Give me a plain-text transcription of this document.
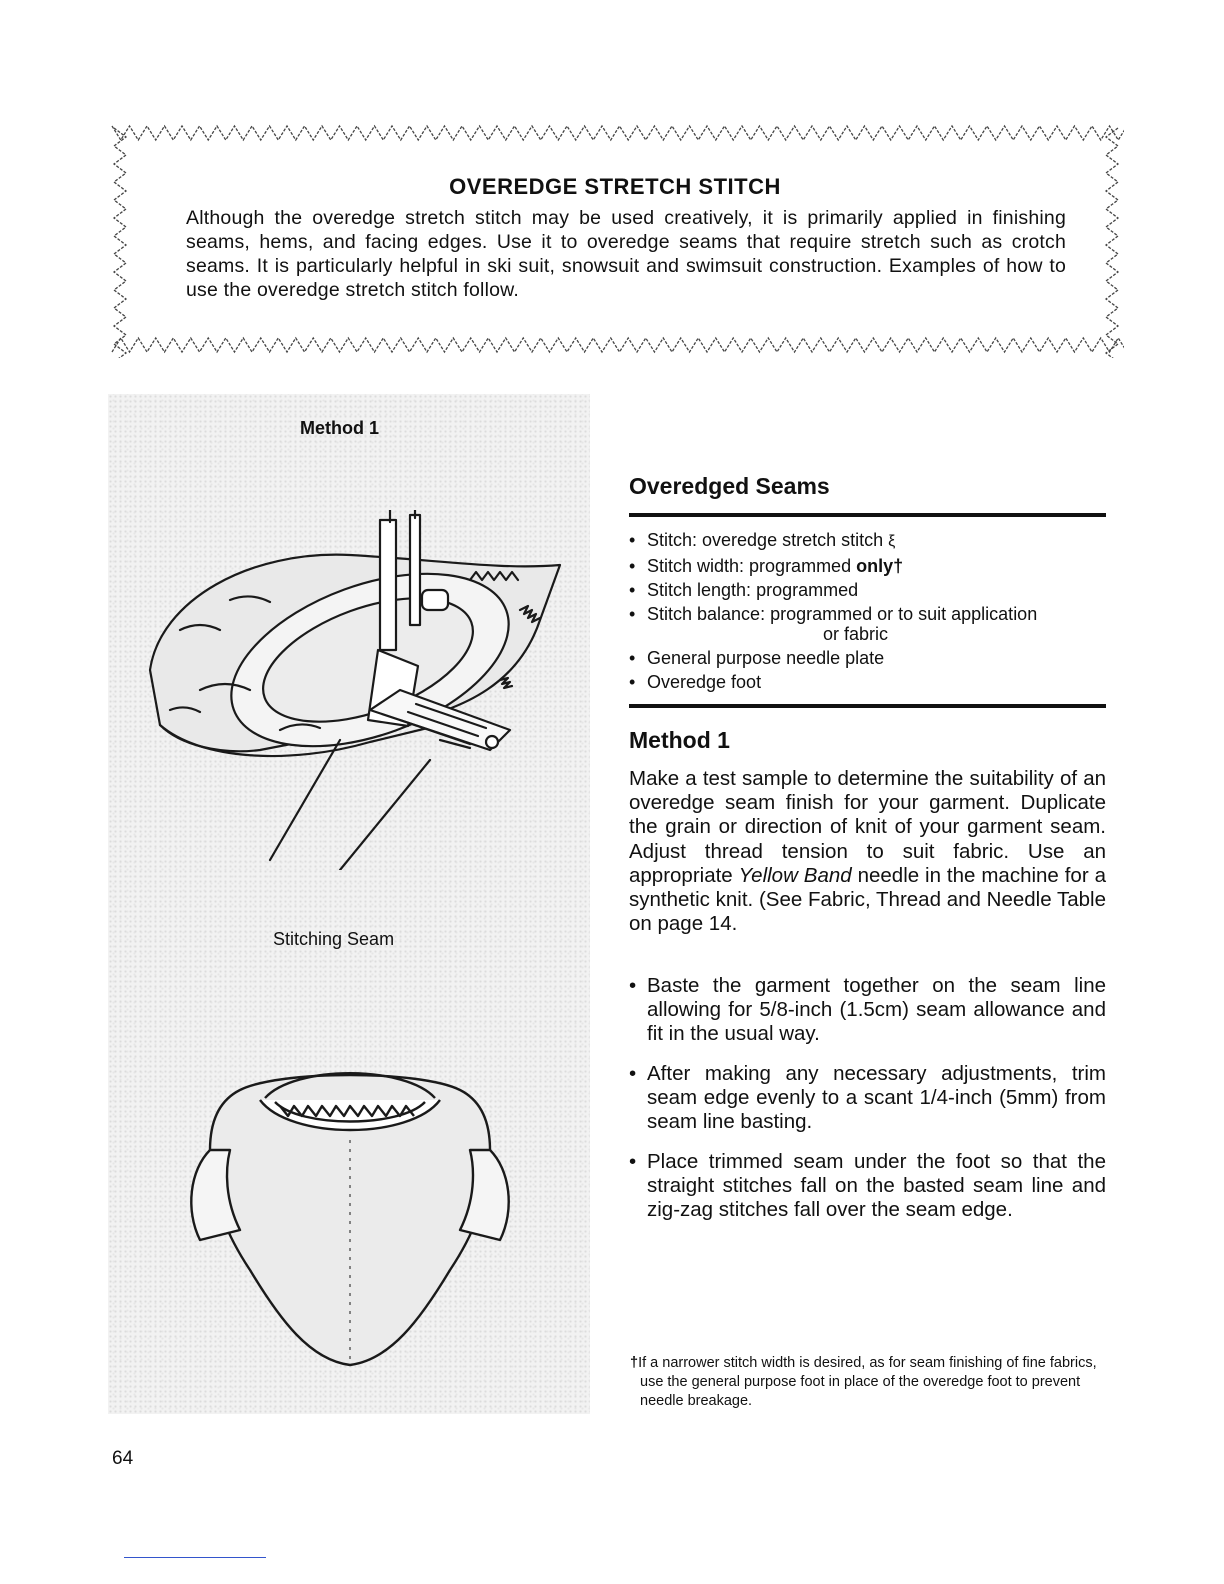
OVEREDGE STRETCH STITCH
Although the overedge stretch stitch may be used creatively, it is primarily applied in finishing seams, hems, and facing edges. Use it to overedge seams that require stretch such as crotch seams. It is particularly helpful in ski suit, snowsuit and swimsuit construction. Examples of how to use the overedge stretch stitch follow.
Method 1
Stitching Seam
Overedged Seams
• Stitch: overedge stretch stitch ξ
• Stitch width: programmed only†
• Stitch length: programmed
• Stitch balance: programmed or to suit application
or fabric
• General purpose needle plate
• Overedge foot
Method 1
Make a test sample to determine the suitability of an overedge seam finish for your garment. Duplicate the grain or direction of knit of your garment seam. Adjust thread tension to suit fabric. Use an appropriate Yellow Band needle in the machine for a synthetic knit. (See Fabric, Thread and Needle Table on page 14.
• Baste the garment together on the seam line allowing for 5/8-inch (1.5cm) seam allowance and fit in the usual way.
• After making any necessary adjustments, trim seam edge evenly to a scant 1/4-inch (5mm) from seam line basting.
• Place trimmed seam under the foot so that the straight stitches fall on the basted seam line and zig-zag stitches fall over the seam edge.
†If a narrower stitch width is desired, as for seam finishing of fine fabrics, use the general purpose foot in place of the overedge foot to prevent needle breakage.
64
